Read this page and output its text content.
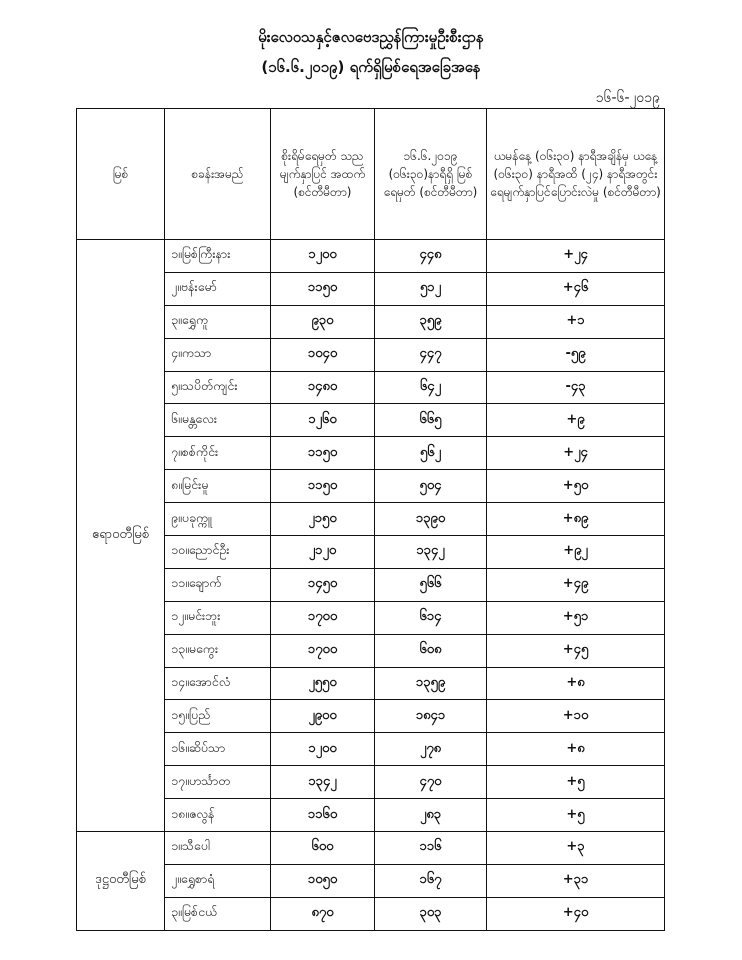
မိုးလေဝသနှင့်ဇလဗေဒညွှန်ကြားမှုဦးစီးဌာန
(၁၆.၆.၂၀၁၉) ရက်ရှိမြစ်ရေအခြေအနေ
၁၆-၆-၂၀၁၉
မြစ်	စခန်းအမည်	စိုးရိမ်ရေမှတ် သည မျက်နှာပြင် အထက် (စင်တီမီတာ)	၁၆.၆.၂၀၁၉ (၀၆း၃၀)နာရီရှိ မြစ်ရေမှတ် (စင်တီမီတာ)	ယမန်နေ့ (၀၆း၃၀) နာရီအချိန်မှ ယနေ့ (၀၆း၃၀) နာရီအထိ (၂၄) နာရီအတွင်း ရေမျက်နှာပြင်ပြောင်းလဲမှု (စင်တီမီတာ)
ဧရာဝတီမြစ်	၁။မြစ်ကြီးနား	၁၂၀၀	၄၄၈	+၂၄
	၂။ဗန်းမော်	၁၁၅၀	၅၁၂	+၄၆
	၃။ရွှေကူ	၉၃၀	၃၅၉	+၁
	၄။ကသာ	၁၀၄၀	၄၄၇	-၅၉
	၅။သပိတ်ကျင်း	၁၄၈၀	၆၄၂	-၄၃
	၆။မန္တလေး	၁၂၆၀	၆၆၅	+၉
	၇။စစ်ကိုင်း	၁၁၅၀	၅၆၂	+၂၄
	၈။မြင်းမူ	၁၁၅၀	၅၀၄	+၅၀
	၉။ပခုက္ကူ	၂၁၅၀	၁၃၉၀	+၈၉
	၁၀။ညောင်ဦး	၂၁၂၀	၁၃၄၂	+၉၂
	၁၁။ချောက်	၁၄၅၀	၅၆၆	+၄၉
	၁၂။မင်းဘူး	၁၇၀၀	၆၁၄	+၅၁
	၁၃။မကွေး	၁၇၀၀	၆၀၈	+၄၅
	၁၄။အောင်လံ	၂၅၅၀	၁၃၅၉	+၈
	၁၅။ပြည်	၂၉၀၀	၁၈၄၁	+၁၀
	၁၆။ဆိပ်သာ	၁၂၀၀	၂၇၈	+၈
	၁၇။ဟင်္သာတ	၁၃၄၂	၄၇၀	+၅
	၁၈။ဇလွန်	၁၁၆၀	၂၈၃	+၅
ဒုဋ္ဌဝတီမြစ်	၁။သီပေါ	၆၀၀	၁၁၆	+၃
	၂။ရွှေစာရံ	၁၀၅၀	၁၆၇	+၃၁
	၃။မြစ်ငယ်	၈၇၀	၃၀၃	+၄၀
